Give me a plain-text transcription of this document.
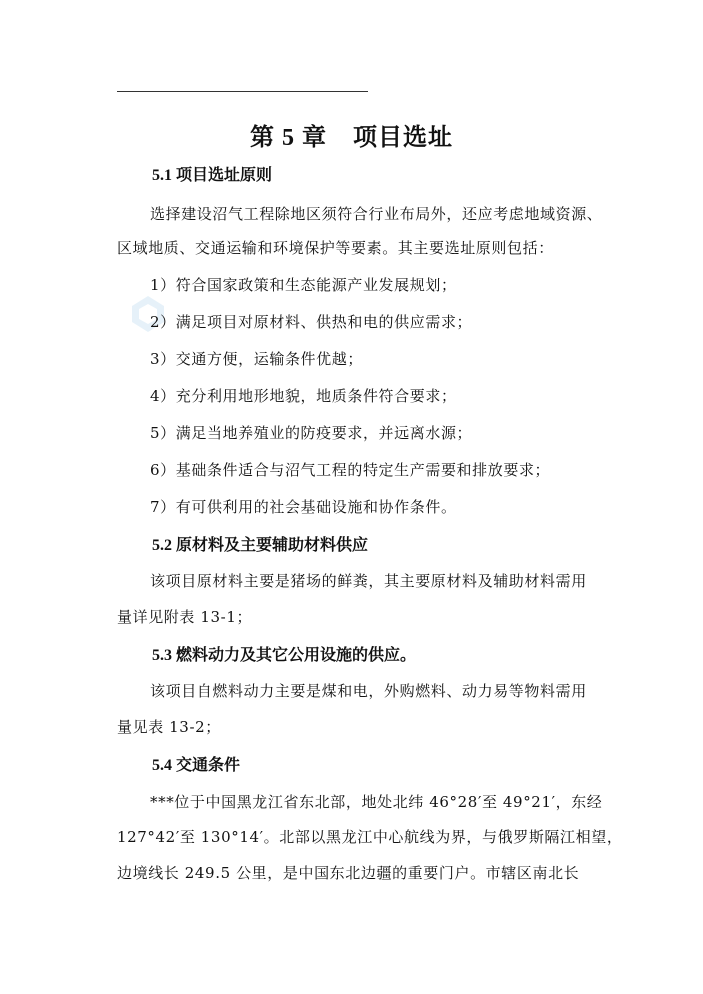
第 5 章 项目选址
5.1 项目选址原则
选择建设沼气工程除地区须符合行业布局外，还应考虑地域资源、
区域地质、交通运输和环境保护等要素。其主要选址原则包括：
1）符合国家政策和生态能源产业发展规划；
2）满足项目对原材料、供热和电的供应需求；
3）交通方便，运输条件优越；
4）充分利用地形地貌，地质条件符合要求；
5）满足当地养殖业的防疫要求，并远离水源；
6）基础条件适合与沼气工程的特定生产需要和排放要求；
7）有可供利用的社会基础设施和协作条件。
5.2 原材料及主要辅助材料供应
该项目原材料主要是猪场的鲜粪，其主要原材料及辅助材料需用
量详见附表 13-1；
5.3 燃料动力及其它公用设施的供应。
该项目自燃料动力主要是煤和电，外购燃料、动力易等物料需用
量见表 13-2；
5.4 交通条件
***位于中国黑龙江省东北部，地处北纬 46°28′至 49°21′，东经
127°42′至 130°14′。北部以黑龙江中心航线为界，与俄罗斯隔江相望，
边境线长 249.5 公里，是中国东北边疆的重要门户。市辖区南北长
